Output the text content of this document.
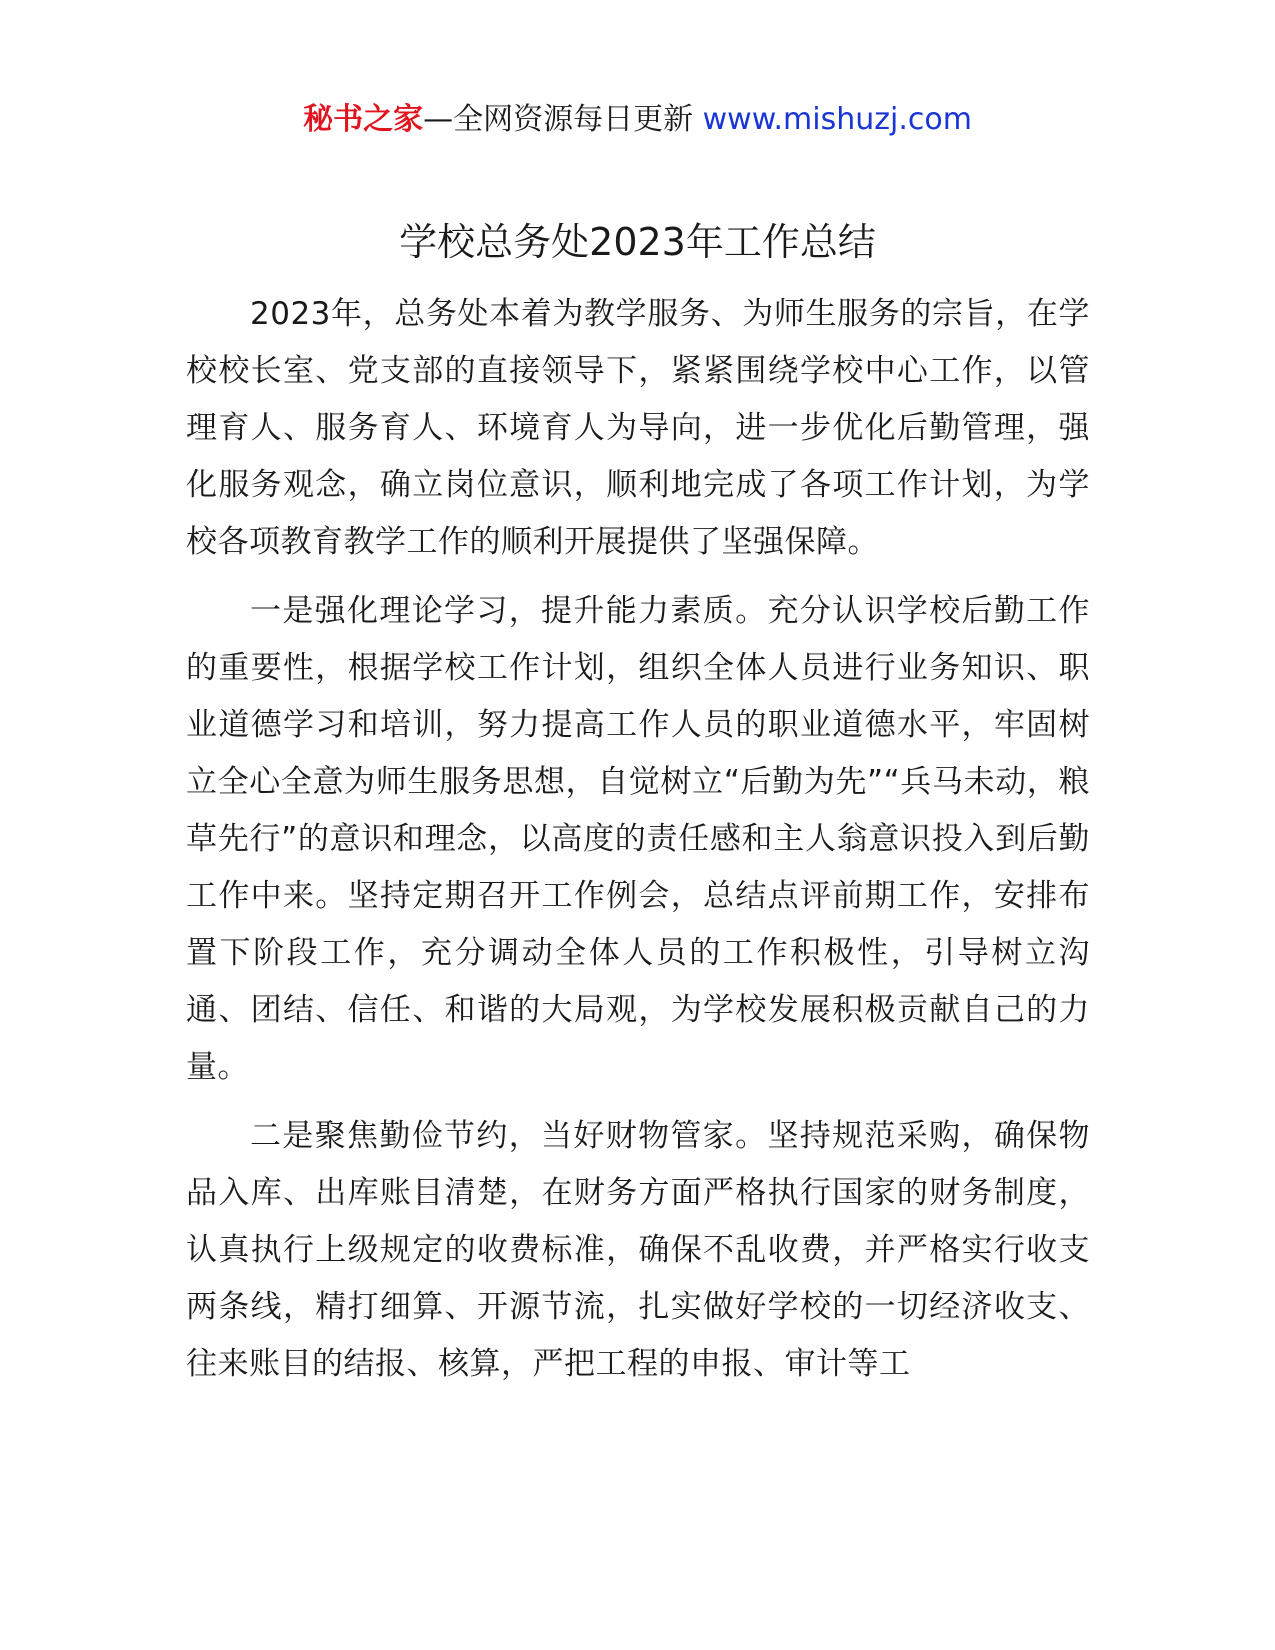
秘书之家—全网资源每日更新 www.mishuzj.com
学校总务处2023年工作总结

2023年，总务处本着为教学服务、为师生服务的宗旨，在学校校长室、党支部的直接领导下，紧紧围绕学校中心工作，以管理育人、服务育人、环境育人为导向，进一步优化后勤管理，强化服务观念，确立岗位意识，顺利地完成了各项工作计划，为学校各项教育教学工作的顺利开展提供了坚强保障。

一是强化理论学习，提升能力素质。充分认识学校后勤工作的重要性，根据学校工作计划，组织全体人员进行业务知识、职业道德学习和培训，努力提高工作人员的职业道德水平，牢固树立全心全意为师生服务思想，自觉树立“后勤为先”“兵马未动，粮草先行”的意识和理念，以高度的责任感和主人翁意识投入到后勤工作中来。坚持定期召开工作例会，总结点评前期工作，安排布置下阶段工作，充分调动全体人员的工作积极性，引导树立沟通、团结、信任、和谐的大局观，为学校发展积极贡献自己的力量。

二是聚焦勤俭节约，当好财物管家。坚持规范采购，确保物品入库、出库账目清楚，在财务方面严格执行国家的财务制度，认真执行上级规定的收费标准，确保不乱收费，并严格实行收支两条线，精打细算、开源节流，扎实做好学校的一切经济收支、往来账目的结报、核算，严把工程的申报、审计等工
